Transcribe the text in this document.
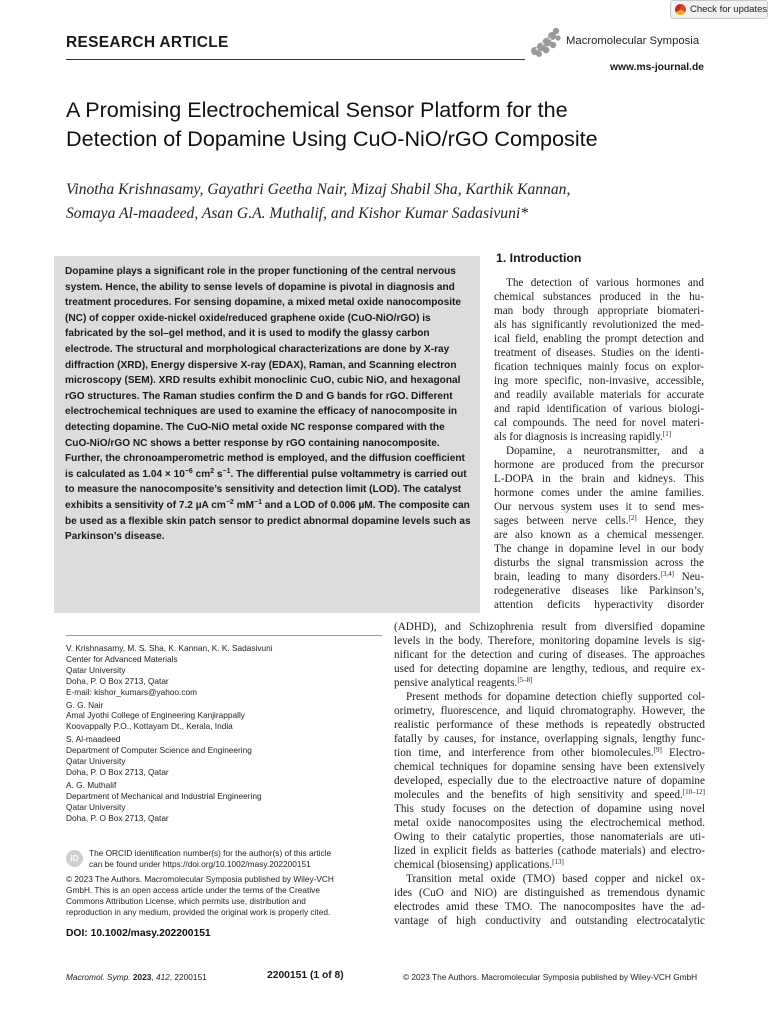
Check for updates
RESEARCH ARTICLE	Macromolecular Symposia
www.ms-journal.de
A Promising Electrochemical Sensor Platform for the
Detection of Dopamine Using CuO-NiO/rGO Composite
Vinotha Krishnasamy, Gayathri Geetha Nair, Mizaj Shabil Sha, Karthik Kannan,
Somaya Al-maadeed, Asan G.A. Muthalif, and Kishor Kumar Sadasivuni*

Dopamine plays a significant role in the proper functioning of the central nervous system. Hence, the ability to sense levels of dopamine is pivotal in diagnosis and treatment procedures. For sensing dopamine, a mixed metal oxide nanocomposite (NC) of copper oxide-nickel oxide/reduced graphene oxide (CuO-NiO/rGO) is fabricated by the sol–gel method, and it is used to modify the glassy carbon electrode. The structural and morphological characterizations are done by X-ray diffraction (XRD), Energy dispersive X-ray (EDAX), Raman, and Scanning electron microscopy (SEM). XRD results exhibit monoclinic CuO, cubic NiO, and hexagonal rGO structures. The Raman studies confirm the D and G bands for rGO. Different electrochemical techniques are used to examine the efficacy of nanocomposite in detecting dopamine. The CuO-NiO metal oxide NC response compared with the CuO-NiO/rGO NC shows a better response by rGO containing nanocomposite.

Further, the chronoamperometric method is employed, and the diffusion coefficient is calculated as $1.04 \times 10^{-6}$ $cm^2$ $s^{-1}$. The differential pulse voltammetry is carried out to measure the nanocomposite’s sensitivity and detection limit (LOD). The catalyst exhibits a sensitivity of 7.2 µA $cm^{-2}$ $mM^{-1}$ and a LOD of 0.006 µM. The composite can be used as a flexible skin patch sensor to predict abnormal dopamine levels such as Parkinson’s disease.

V. Krishnasamy, M. S. Sha, K. Kannan, K. K. Sadasivuni
Center for Advanced Materials
Qatar University
Doha, P. O Box 2713, Qatar
E-mail: kishor_kumars@yahoo.com
G. G. Nair
Amal Jyothi College of Engineering Kanjirappally
Koovappally P.O., Kottayam Dt., Kerala, India
S. Al-maadeed
Department of Computer Science and Engineering
Qatar University
Doha, P. O Box 2713, Qatar
A. G. Muthalif
Department of Mechanical and Industrial Engineering
Qatar University
Doha, P. O Box 2713, Qatar
iD
The ORCID identification number(s) for the author(s) of this article
can be found under https://doi.org/10.1002/masy.202200151
© 2023 The Authors. Macromolecular Symposia published by Wiley-VCH
GmbH. This is an open access article under the terms of the Creative
Commons Attribution License, which permits use, distribution and
reproduction in any medium, provided the original work is properly cited.
DOI: 10.1002/masy.202200151
1. Introduction
The detection of various hormones and
chemical substances produced in the hu-
man body through appropriate biomateri-
als has significantly revolutionized the med-
ical field, enabling the prompt detection and
treatment of diseases. Studies on the identi-
fication techniques mainly focus on explor-
ing more specific, non-invasive, accessible,
and readily available materials for accurate
and rapid identification of various biologi-
cal compounds. The need for novel materi-
als for diagnosis is increasing rapidly.[1]
Dopamine, a neurotransmitter, and a
hormone are produced from the precursor
L-DOPA in the brain and kidneys. This
hormone comes under the amine families.
Our nervous system uses it to send mes-
sages between nerve cells.[2] Hence, they
are also known as a chemical messenger.
The change in dopamine level in our body
disturbs the signal transmission across the
brain, leading to many disorders.[3,4] Neu-
rodegenerative diseases like Parkinson’s,
attention deficits hyperactivity disorder
(ADHD), and Schizophrenia result from diversified dopamine
levels in the body. Therefore, monitoring dopamine levels is sig-
nificant for the detection and curing of diseases. The approaches
used for detecting dopamine are lengthy, tedious, and require ex-
pensive analytical reagents.[5–8]
Present methods for dopamine detection chiefly supported col-
orimetry, fluorescence, and liquid chromatography. However, the
realistic performance of these methods is repeatedly obstructed
fatally by causes, for instance, overlapping signals, lengthy func-
tion time, and interference from other biomolecules.[9] Electro-
chemical techniques for dopamine sensing have been extensively
developed, especially due to the electroactive nature of dopamine
molecules and the benefits of high sensitivity and speed.[10–12]
This study focuses on the detection of dopamine using novel
metal oxide nanocomposites using the electrochemical method.
Owing to their catalytic properties, those nanomaterials are uti-
lized in explicit fields as batteries (cathode materials) and electro-
chemical (biosensing) applications.[13]
Transition metal oxide (TMO) based copper and nickel ox-
ides (CuO and NiO) are distinguished as tremendous dynamic
electrodes amid these TMO. The nanocomposites have the ad-
vantage of high conductivity and outstanding electrocatalytic
Macromol. Symp. 2023, 412, 2200151	2200151 (1 of 8)	© 2023 The Authors. Macromolecular Symposia published by Wiley-VCH GmbH
